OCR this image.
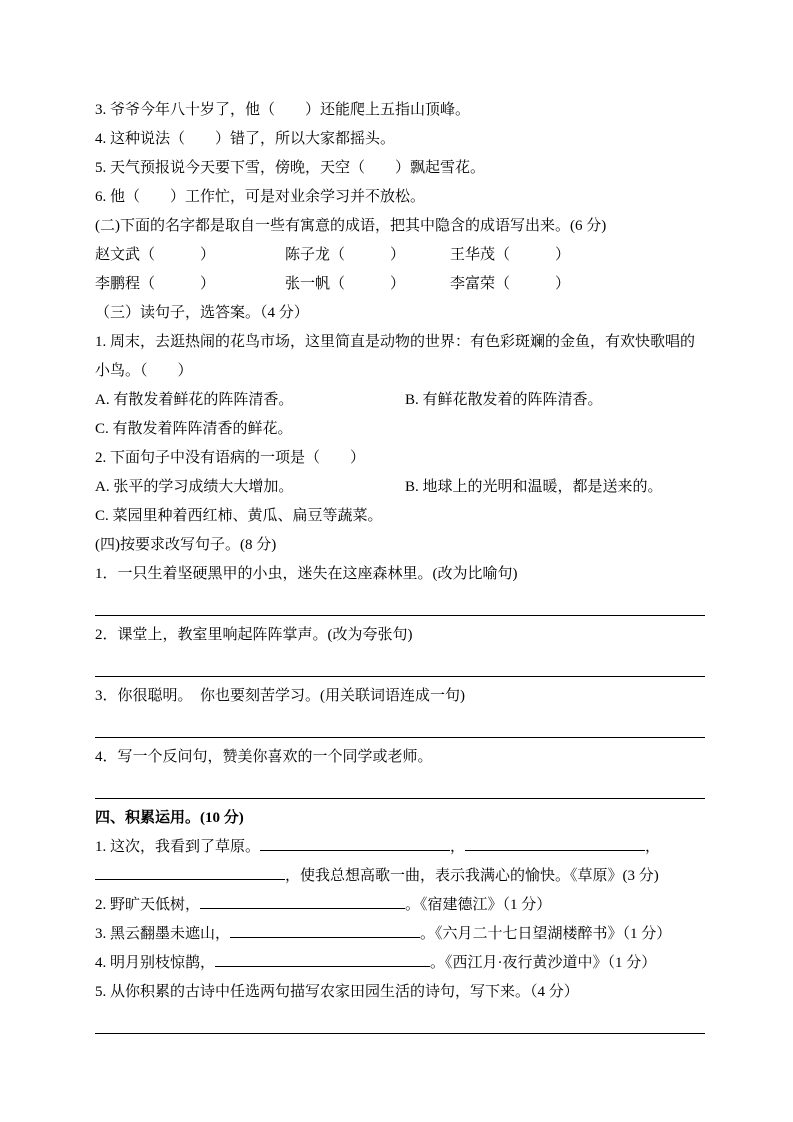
3. 爷爷今年八十岁了，他（　　）还能爬上五指山顶峰。
4. 这种说法（　　）错了，所以大家都摇头。
5. 天气预报说今天要下雪，傍晚，天空（　　）飘起雪花。
6. 他（　　）工作忙，可是对业余学习并不放松。
(二)下面的名字都是取自一些有寓意的成语，把其中隐含的成语写出来。(6 分)
赵文武（　　　）	陈子龙（　　　）	王华茂（　　　）
李鹏程（　　　）	张一帆（　　　）	李富荣（　　　）
（三）读句子，选答案。（4 分）
1. 周末，去逛热闹的花鸟市场，这里简直是动物的世界：有色彩斑斓的金鱼，有欢快歌唱的小鸟。（　　）
A. 有散发着鲜花的阵阵清香。	B. 有鲜花散发着的阵阵清香。
C. 有散发着阵阵清香的鲜花。
2. 下面句子中没有语病的一项是（　　）
A. 张平的学习成绩大大增加。	B. 地球上的光明和温暖，都是送来的。
C. 菜园里种着西红柿、黄瓜、扁豆等蔬菜。
(四)按要求改写句子。(8 分)
1．一只生着坚硬黑甲的小虫，迷失在这座森林里。(改为比喻句)
2．课堂上，教室里响起阵阵掌声。(改为夸张句)
3．你很聪明。　你也要刻苦学习。(用关联词语连成一句)
4．写一个反问句，赞美你喜欢的一个同学或老师。
四、积累运用。(10 分)
1. 这次，我看到了草原。	，	，
，使我总想高歌一曲，表示我满心的愉快。《草原》(3 分)
2. 野旷天低树，	。《宿建德江》（1 分）
3. 黑云翻墨未遮山，	。《六月二十七日望湖楼醉书》（1 分）
4. 明月别枝惊鹊，	。《西江月·夜行黄沙道中》（1 分）
5. 从你积累的古诗中任选两句描写农家田园生活的诗句，写下来。（4 分）
